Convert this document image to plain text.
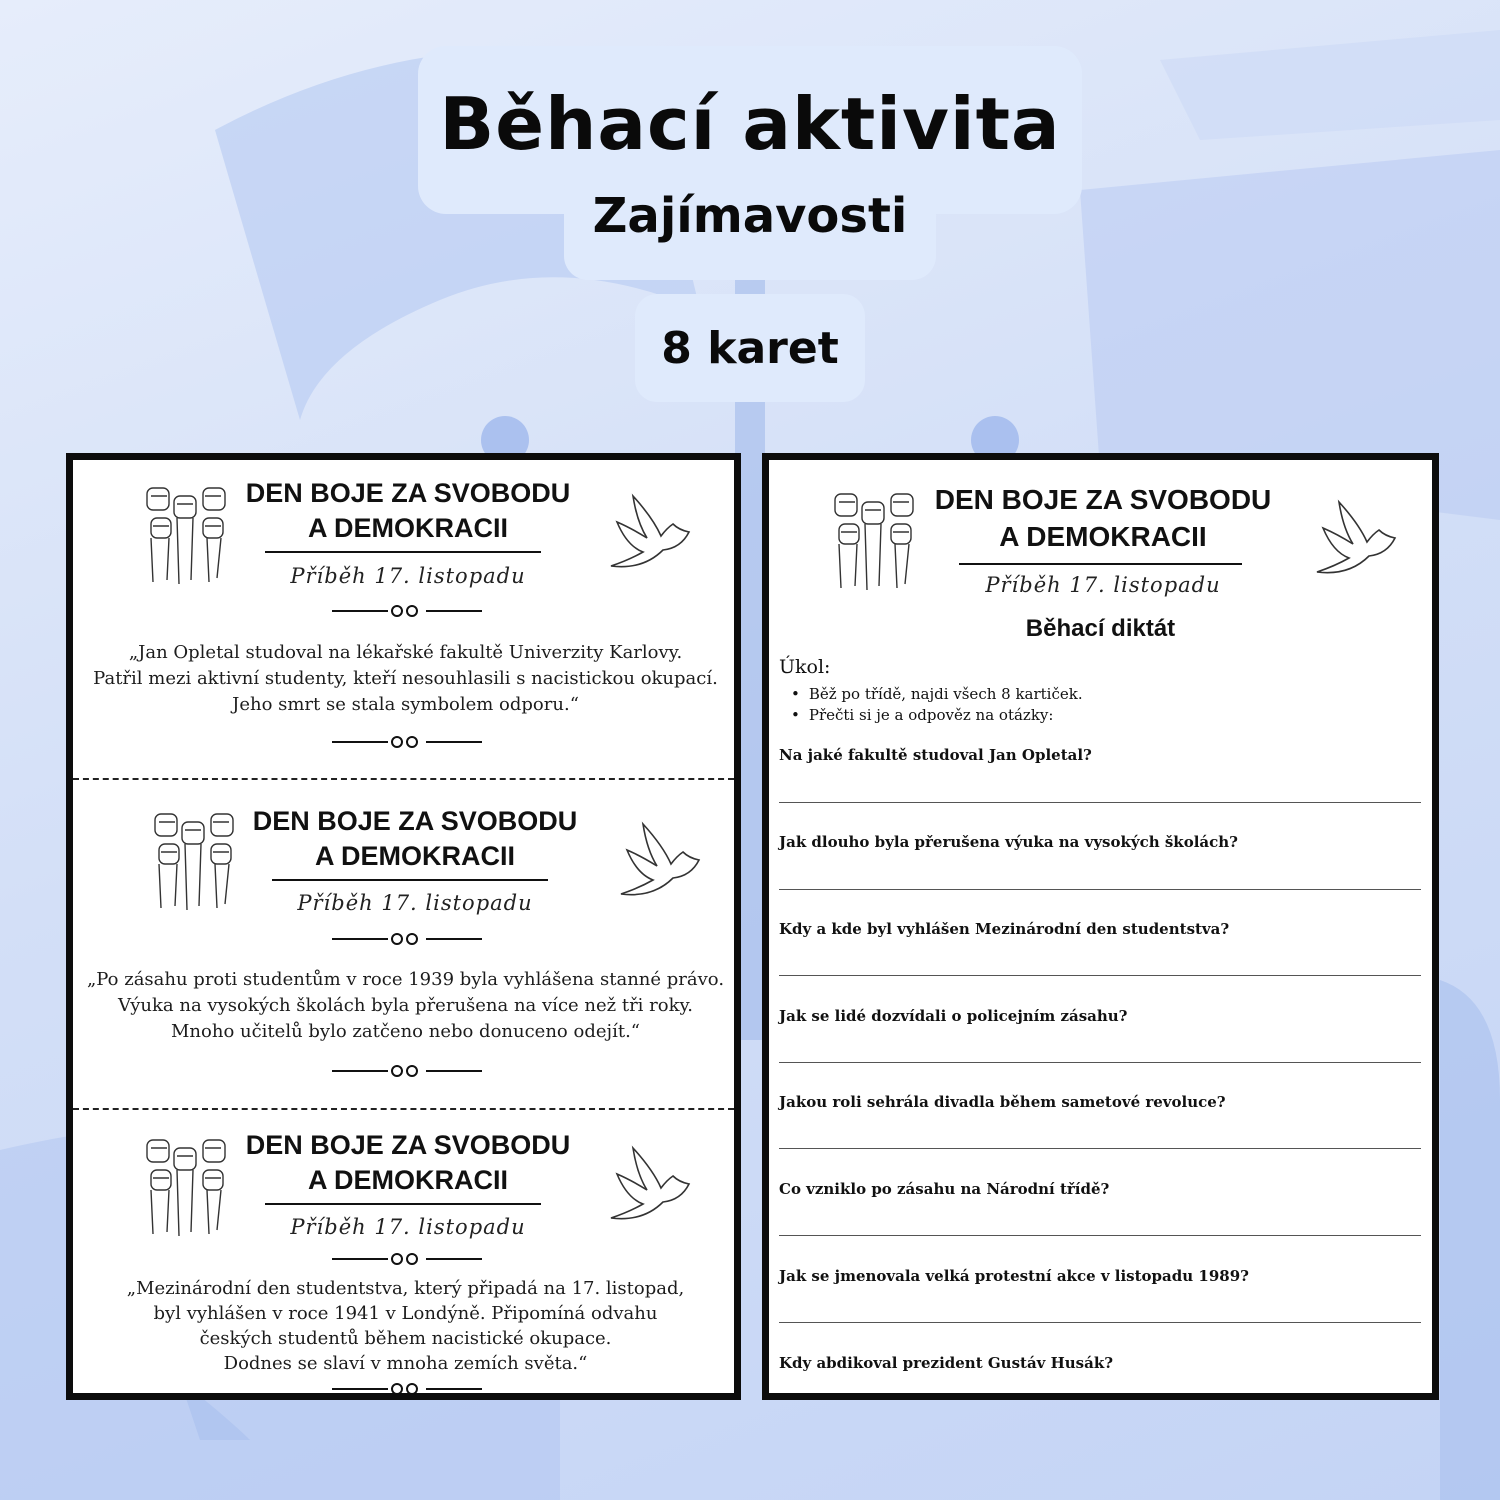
Běhací aktivita
Zajímavosti
8 karet
DEN BOJE ZA SVOBODU
A DEMOKRACII
Příběh 17. listopadu
„Jan Opletal studoval na lékařské fakultě Univerzity Karlovy.
Patřil mezi aktivní studenty, kteří nesouhlasili s nacistickou okupací.
Jeho smrt se stala symbolem odporu.“
DEN BOJE ZA SVOBODU
A DEMOKRACII
Příběh 17. listopadu
„Po zásahu proti studentům v roce 1939 byla vyhlášena stanné právo.
Výuka na vysokých školách byla přerušena na více než tři roky.
Mnoho učitelů bylo zatčeno nebo donuceno odejít.“
DEN BOJE ZA SVOBODU
A DEMOKRACII
Příběh 17. listopadu
„Mezinárodní den studentstva, který připadá na 17. listopad,
byl vyhlášen v roce 1941 v Londýně. Připomíná odvahu
českých studentů během nacistické okupace.
Dodnes se slaví v mnoha zemích světa.“
DEN BOJE ZA SVOBODU
A DEMOKRACII
Příběh 17. listopadu
Běhací diktát
Úkol:
• Běž po třídě, najdi všech 8 kartiček.
• Přečti si je a odpověz na otázky:
Na jaké fakultě studoval Jan Opletal?
Jak dlouho byla přerušena výuka na vysokých školách?
Kdy a kde byl vyhlášen Mezinárodní den studentstva?
Jak se lidé dozvídali o policejním zásahu?
Jakou roli sehrála divadla během sametové revoluce?
Co vzniklo po zásahu na Národní třídě?
Jak se jmenovala velká protestní akce v listopadu 1989?
Kdy abdikoval prezident Gustáv Husák?
